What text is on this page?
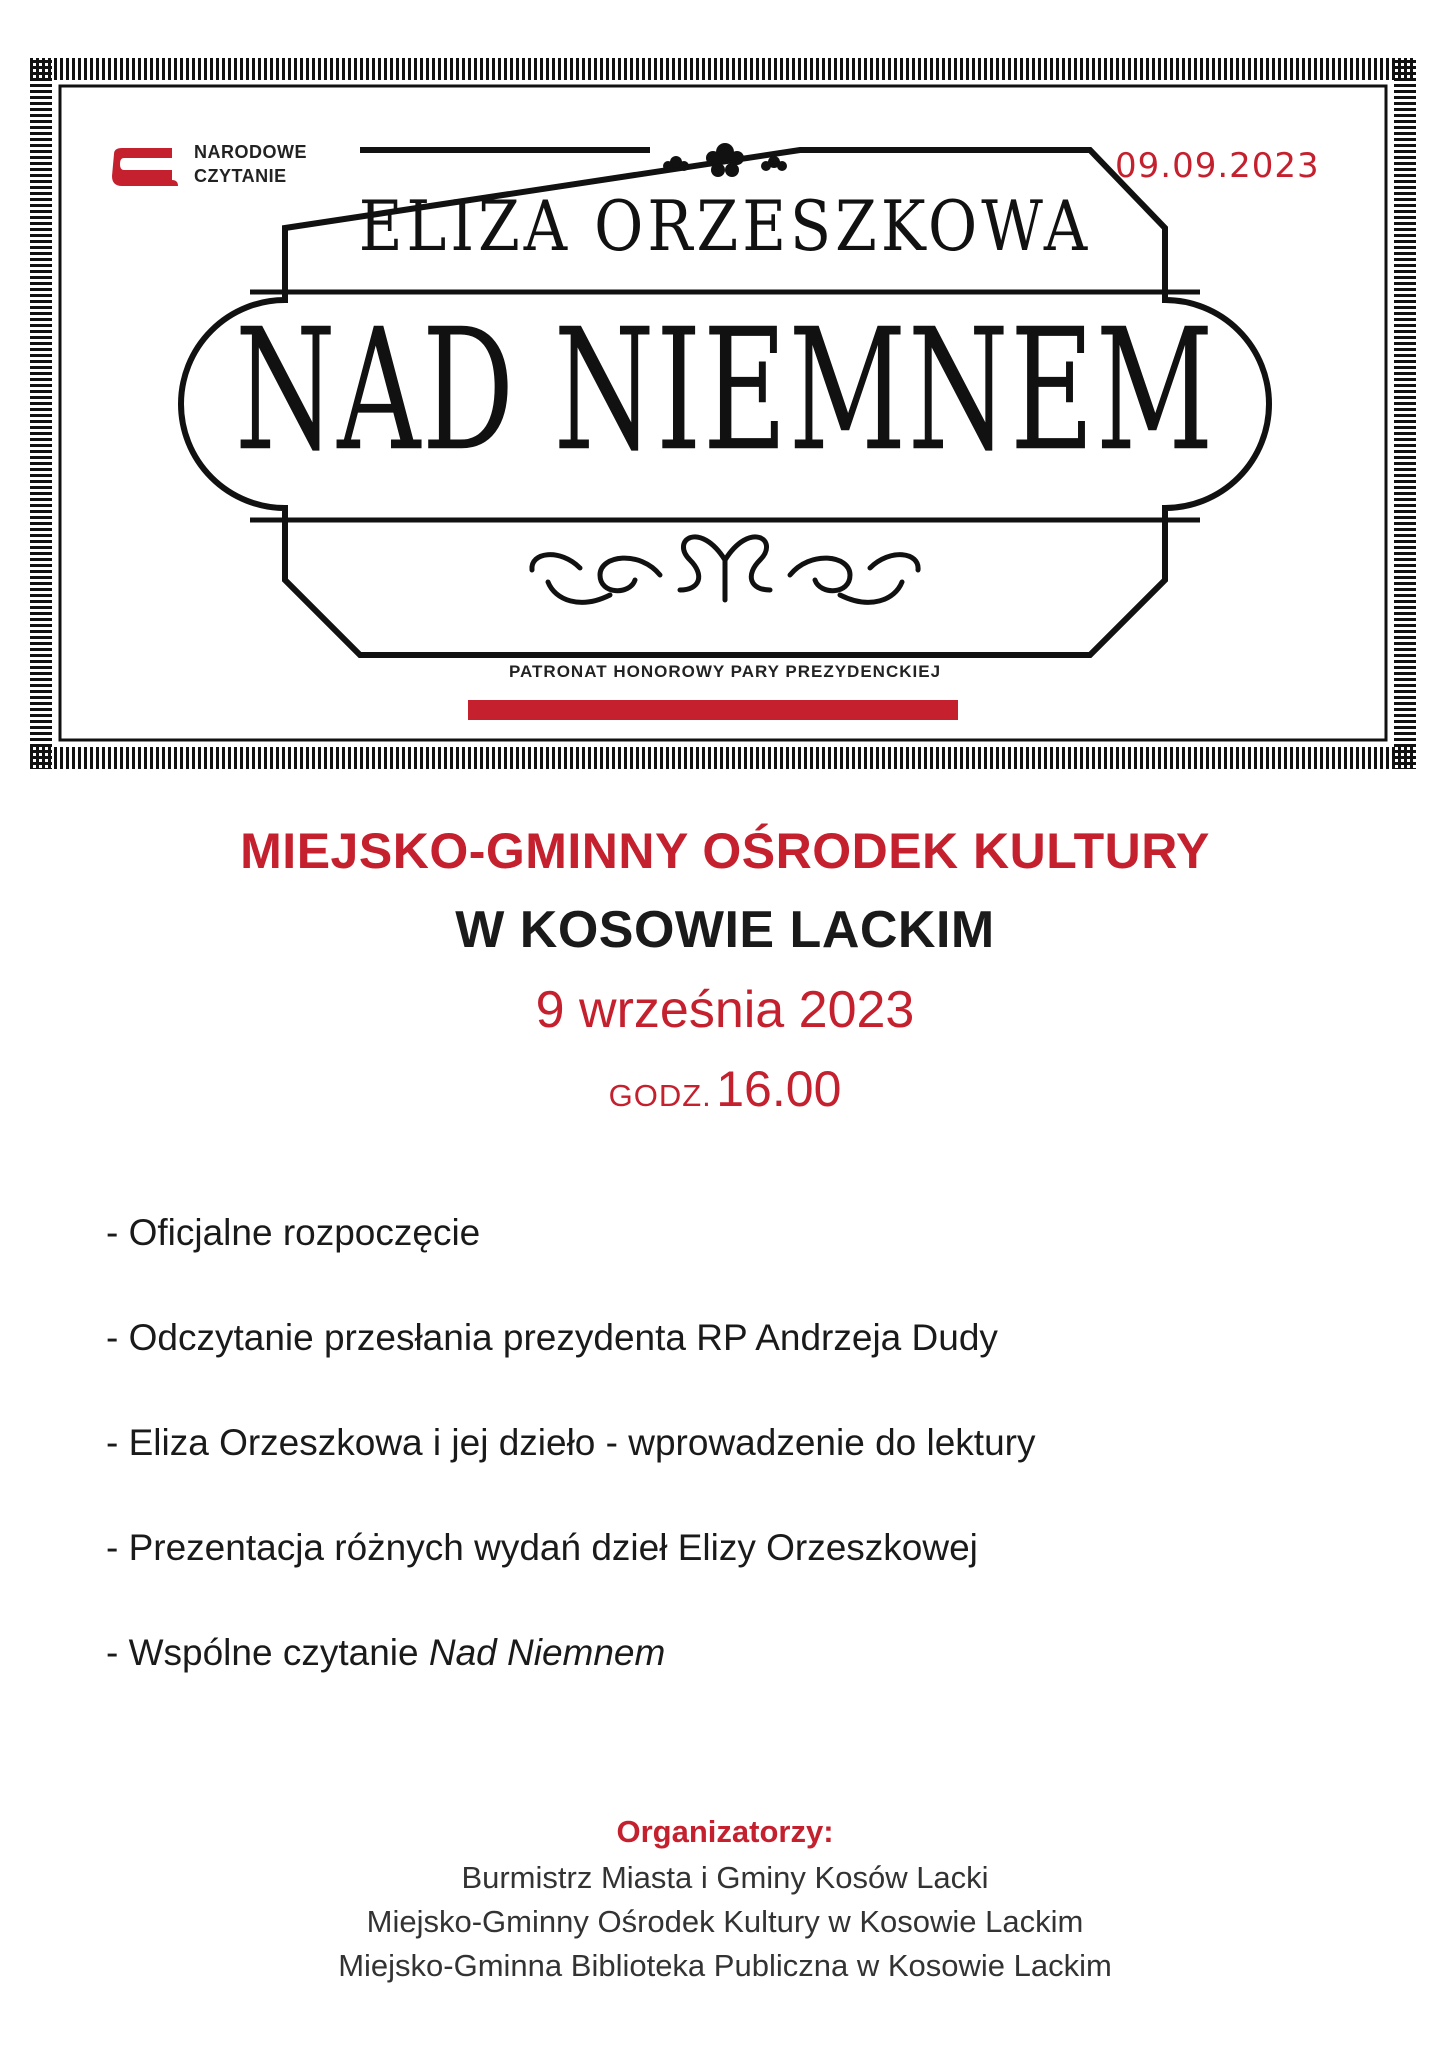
NARODOWE
CZYTANIE	09.09.2023
ELIZA ORZESZKOWA
NAD NIEMNEM
PATRONAT HONOROWY PARY PREZYDENCKIEJ
MIEJSKO-GMINNY OŚRODEK KULTURY
W KOSOWIE LACKIM
9 września 2023
GODZ. 16.00
- Oficjalne rozpoczęcie
- Odczytanie przesłania prezydenta RP Andrzeja Dudy
- Eliza Orzeszkowa i jej dzieło - wprowadzenie do lektury
- Prezentacja różnych wydań dzieł Elizy Orzeszkowej
- Wspólne czytanie Nad Niemnem
Organizatorzy:
Burmistrz Miasta i Gminy Kosów Lacki
Miejsko-Gminny Ośrodek Kultury w Kosowie Lackim
Miejsko-Gminna Biblioteka Publiczna w Kosowie Lackim
